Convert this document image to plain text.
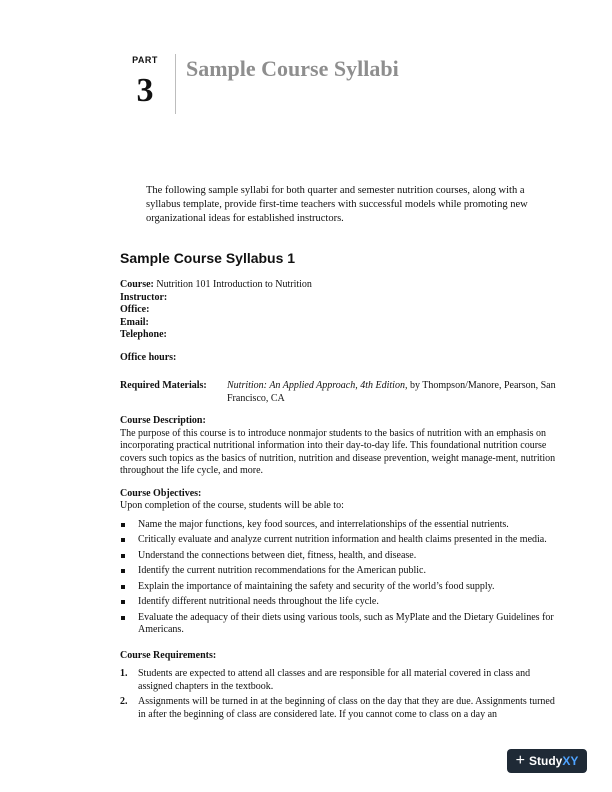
PART
3
Sample Course Syllabi

The following sample syllabi for both quarter and semester nutrition courses, along with a syllabus template, provide first-time teachers with successful models while promoting new organizational ideas for established instructors.

Sample Course Syllabus 1
Course: Nutrition 101 Introduction to Nutrition
Instructor:
Office:
Email:
Telephone:
Office hours:
Required Materials:	Nutrition: An Applied Approach, 4th Edition, by Thompson/Manore, Pearson, San Francisco, CA
Course Description:

The purpose of this course is to introduce nonmajor students to the basics of nutrition with an emphasis on incorporating practical nutritional information into their day-to-day life. This foundational nutrition course covers such topics as the basics of nutrition, nutrition and disease prevention, weight manage-ment, nutrition throughout the life cycle, and more.

Course Objectives:
Upon completion of the course, students will be able to:
Name the major functions, key food sources, and interrelationships of the essential nutrients.
Critically evaluate and analyze current nutrition information and health claims presented in the media.
Understand the connections between diet, fitness, health, and disease.
Identify the current nutrition recommendations for the American public.
Explain the importance of maintaining the safety and security of the world’s food supply.
Identify different nutritional needs throughout the life cycle.
Evaluate the adequacy of their diets using various tools, such as MyPlate and the Dietary Guidelines for Americans.
Course Requirements:
1. Students are expected to attend all classes and are responsible for all material covered in class and assigned chapters in the textbook.
2. Assignments will be turned in at the beginning of class on the day that they are due. Assignments turned in after the beginning of class are considered late. If you cannot come to class on a day an
+ Study XY
